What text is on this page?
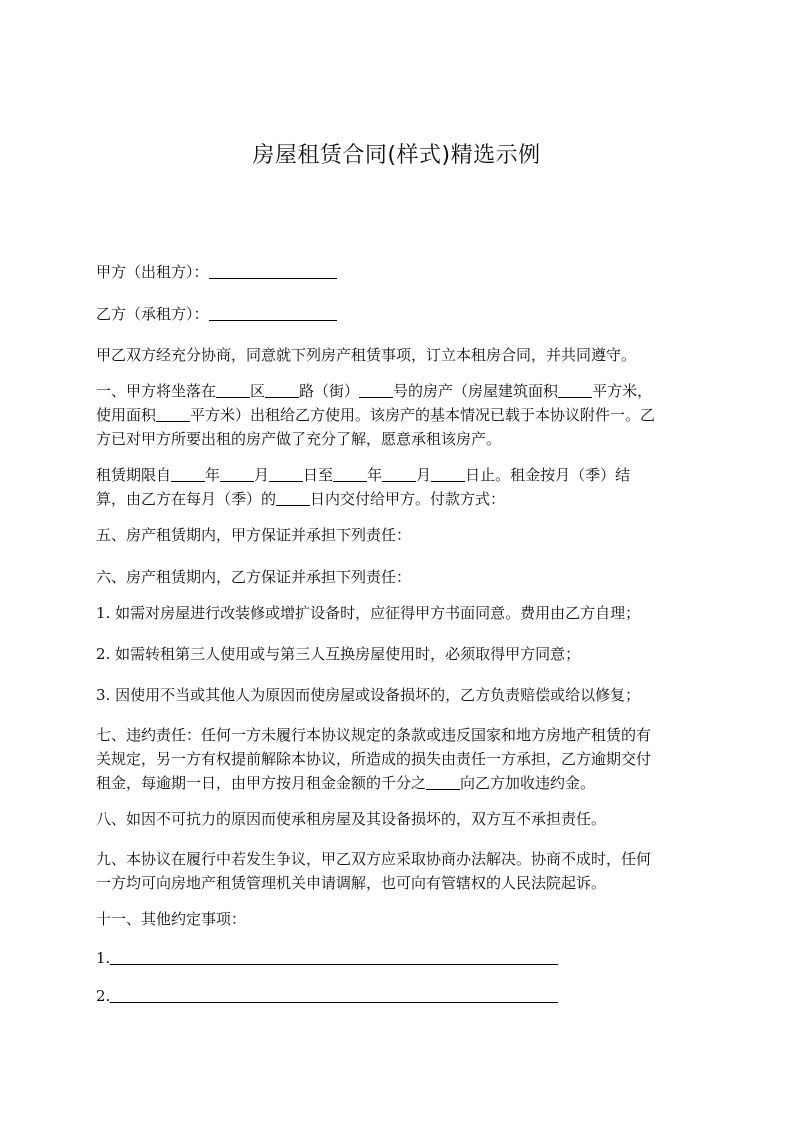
房屋租赁合同(样式)精选示例
甲方（出租方）：
乙方（承租方）：
甲乙双方经充分协商，同意就下列房产租赁事项，订立本租房合同，并共同遵守。
一、甲方将坐落在 区 路（街） 号的房产（房屋建筑面积 平方米，
使用面积 平方米）出租给乙方使用。该房产的基本情况已载于本协议附件一。乙
方已对甲方所要出租的房产做了充分了解，愿意承租该房产。
租赁期限自 年 月 日至 年 月 日止。租金按月（季）结
算，由乙方在每月（季）的 日内交付给甲方。付款方式：
五、房产租赁期内，甲方保证并承担下列责任：
六、房产租赁期内，乙方保证并承担下列责任：
1. 如需对房屋进行改装修或增扩设备时，应征得甲方书面同意。费用由乙方自理；
2. 如需转租第三人使用或与第三人互换房屋使用时，必须取得甲方同意；
3. 因使用不当或其他人为原因而使房屋或设备损坏的，乙方负责赔偿或给以修复；
七、违约责任：任何一方未履行本协议规定的条款或违反国家和地方房地产租赁的有
关规定，另一方有权提前解除本协议，所造成的损失由责任一方承担，乙方逾期交付
租金，每逾期一日，由甲方按月租金金额的千分之 向乙方加收违约金。
八、如因不可抗力的原因而使承租房屋及其设备损坏的，双方互不承担责任。
九、本协议在履行中若发生争议，甲乙双方应采取协商办法解决。协商不成时，任何
一方均可向房地产租赁管理机关申请调解，也可向有管辖权的人民法院起诉。
十一、其他约定事项：
1.
2.
